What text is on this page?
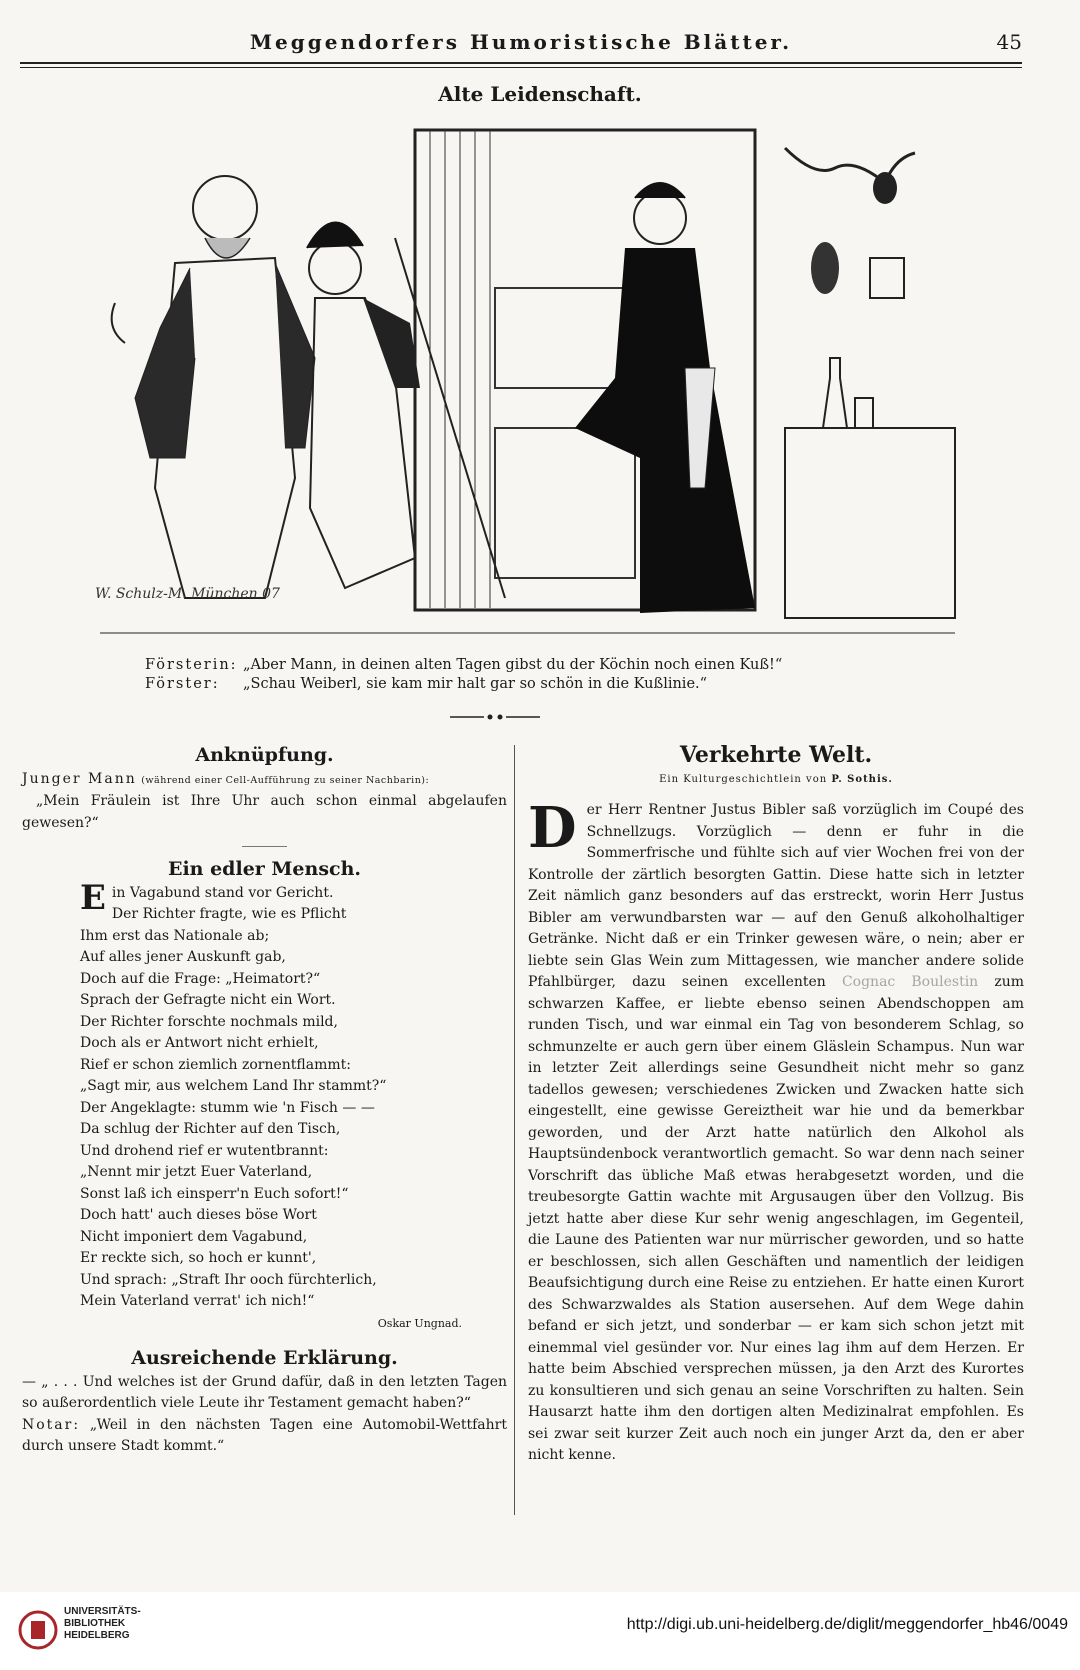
Meggendorfers Humoristische Blätter.	45
Alte Leidenschaft.
W. Schulz-M. München 07
Försterin: „Aber Mann, in deinen alten Tagen gibst du der Köchin noch einen Kuß!“
Förster: „Schau Weiberl, sie kam mir halt gar so schön in die Kußlinie.“
Anknüpfung.

Junger Mann (während einer Cell-Aufführung zu seiner Nachbarin):
„Mein Fräulein ist Ihre Uhr auch schon einmal abgelaufen gewesen?“

Ein edler Mensch.

Ein Vagabund stand vor Gericht.

Der Richter fragte, wie es Pflicht

Ihm erst das Nationale ab;

Auf alles jener Auskunft gab,

Doch auf die Frage: „Heimatort?“

Sprach der Gefragte nicht ein Wort.

Der Richter forschte nochmals mild,

Doch als er Antwort nicht erhielt,

Rief er schon ziemlich zornentflammt:

„Sagt mir, aus welchem Land Ihr stammt?“

Der Angeklagte: stumm wie 'n Fisch — —

Da schlug der Richter auf den Tisch,

Und drohend rief er wutentbrannt:

„Nennt mir jetzt Euer Vaterland,

Sonst laß ich einsperr'n Euch sofort!“

Doch hatt' auch dieses böse Wort

Nicht imponiert dem Vagabund,

Er reckte sich, so hoch er kunnt',

Und sprach: „Straft Ihr ooch fürchterlich,

Mein Vaterland verrat' ich nich!“

Oskar Ungnad.

Ausreichende Erklärung.

— „ . . . Und welches ist der Grund dafür, daß in den letzten Tagen so außerordentlich viele Leute ihr Testament gemacht haben?“

Notar: „Weil in den nächsten Tagen eine Automobil-Wettfahrt durch unsere Stadt kommt.“

Verkehrte Welt.
Ein Kulturgeschichtlein von P. Sothis.

Der Herr Rentner Justus Bibler saß vorzüglich im Coupé des Schnellzugs. Vorzüglich — denn er fuhr in die Sommerfrische und fühlte sich auf vier Wochen frei von der Kontrolle der zärtlich besorgten Gattin. Diese hatte sich in letzter Zeit nämlich ganz besonders auf das erstreckt, worin Herr Justus Bibler am verwundbarsten war — auf den Genuß alkoholhaltiger Getränke. Nicht daß er ein Trinker gewesen wäre, o nein; aber er liebte sein Glas Wein zum Mittagessen, wie mancher andere solide Pfahlbürger, dazu seinen excellenten Cognac Boulestin zum schwarzen Kaffee, er liebte ebenso seinen Abendschoppen am runden Tisch, und war einmal ein Tag von besonderem Schlag, so schmunzelte er auch gern über einem Gläslein Schampus. Nun war in letzter Zeit allerdings seine Gesundheit nicht mehr so ganz tadellos gewesen; verschiedenes Zwicken und Zwacken hatte sich eingestellt, eine gewisse Gereiztheit war hie und da bemerkbar geworden, und der Arzt hatte natürlich den Alkohol als Hauptsündenbock verantwortlich gemacht. So war denn nach seiner Vorschrift das übliche Maß etwas herabgesetzt worden, und die treubesorgte Gattin wachte mit Argusaugen über den Vollzug. Bis jetzt hatte aber diese Kur sehr wenig angeschlagen, im Gegenteil, die Laune des Patienten war nur mürrischer geworden, und so hatte er beschlossen, sich allen Geschäften und namentlich der leidigen Beaufsichtigung durch eine Reise zu entziehen. Er hatte einen Kurort des Schwarzwaldes als Station ausersehen. Auf dem Wege dahin befand er sich jetzt, und sonderbar — er kam sich schon jetzt mit einemmal viel gesünder vor. Nur eines lag ihm auf dem Herzen. Er hatte beim Abschied versprechen müssen, ja den Arzt des Kurortes zu konsultieren und sich genau an seine Vorschriften zu halten. Sein Hausarzt hatte ihm den dortigen alten Medizinalrat empfohlen. Es sei zwar seit kurzer Zeit auch noch ein junger Arzt da, den er aber nicht kenne.

UNIVERSITÄTS-
BIBLIOTHEK
HEIDELBERG
http://digi.ub.uni-heidelberg.de/diglit/meggendorfer_hb46/0049
